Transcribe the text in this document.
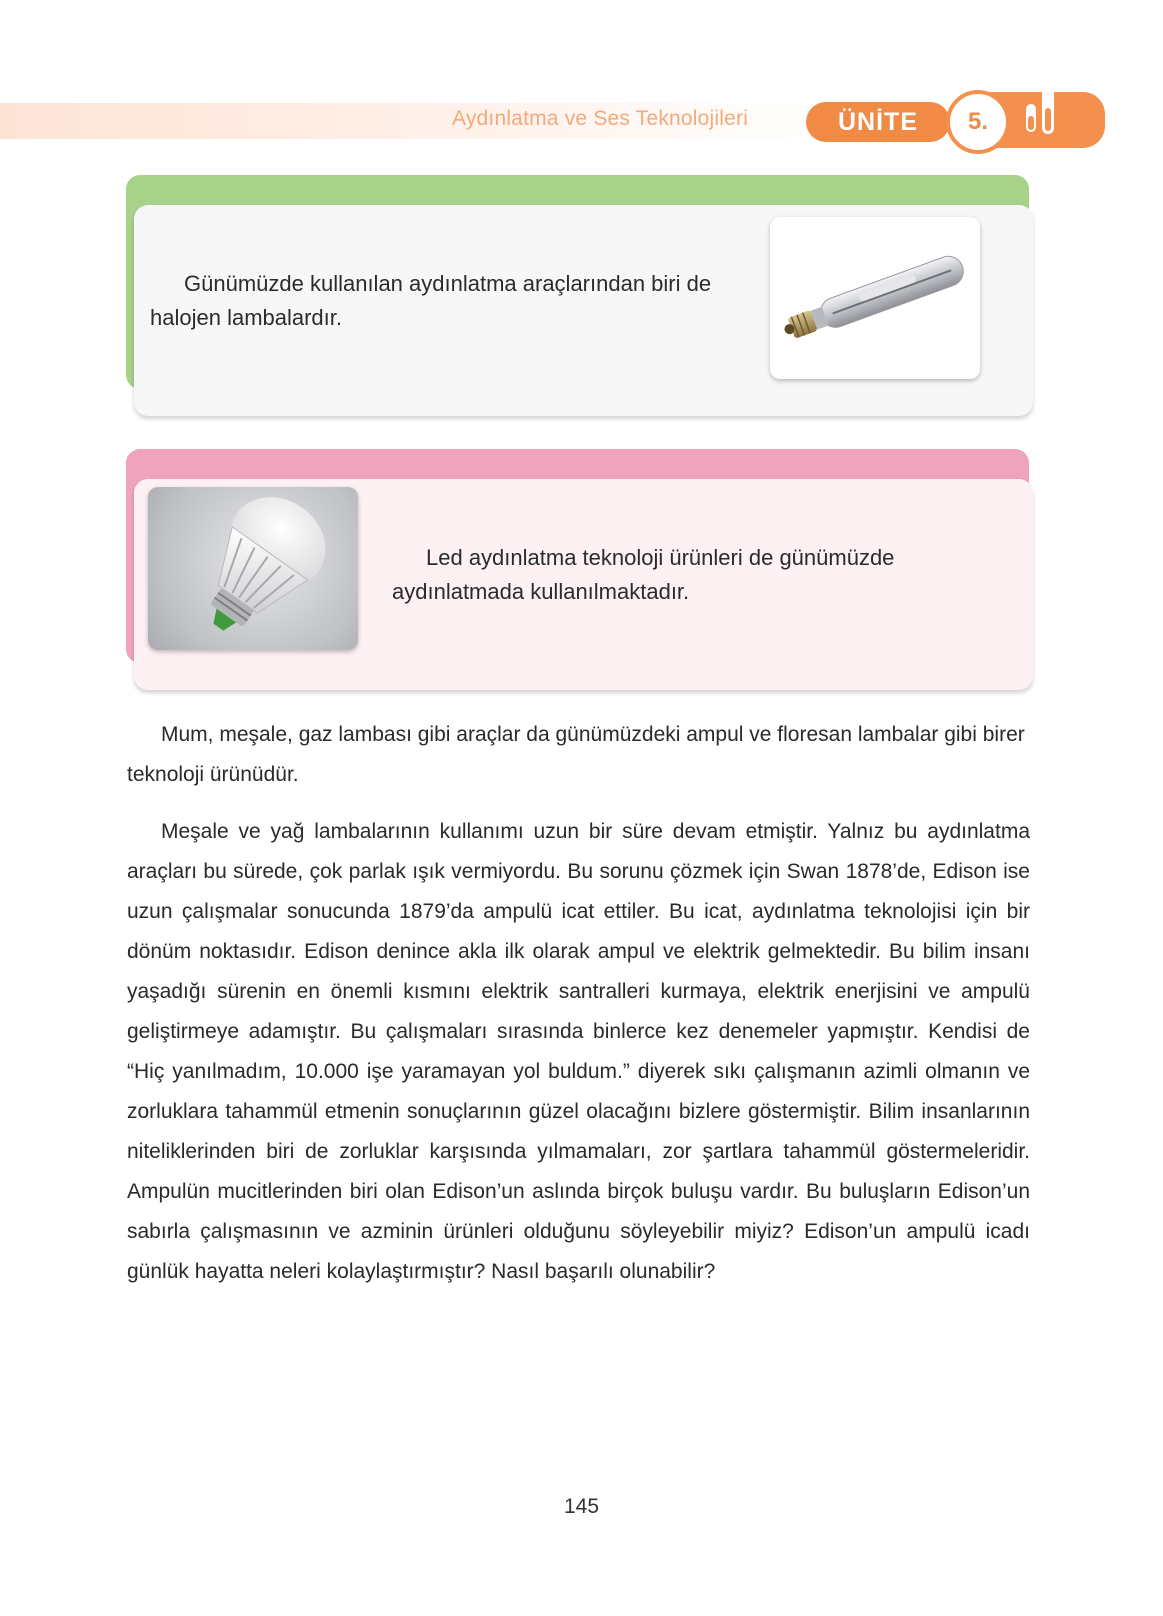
Aydınlatma ve Ses Teknolojileri	ÜNİTE	5.
Günümüzde kullanılan aydınlatma araçlarından biri de halojen lambalardır.
Led aydınlatma teknoloji ürünleri de günümüzde aydınlatmada kullanılmaktadır.
Mum, meşale, gaz lambası gibi araçlar da günümüzdeki ampul ve floresan lambalar gibi birer teknoloji ürünüdür.
Meşale ve yağ lambalarının kullanımı uzun bir süre devam etmiştir. Yalnız bu aydınlatma araçları bu sürede, çok parlak ışık vermiyordu. Bu sorunu çözmek için Swan 1878’de, Edison ise uzun çalışmalar sonucunda 1879’da ampulü icat ettiler. Bu icat, aydınlatma teknolojisi için bir dönüm noktasıdır. Edison denince akla ilk olarak ampul ve elektrik gelmektedir. Bu bilim insanı yaşadığı sürenin en önemli kısmını elektrik santralleri kurmaya, elektrik enerjisini ve ampulü geliştirmeye adamıştır. Bu çalışmaları sırasında binlerce kez denemeler yapmıştır. Kendisi de “Hiç yanılmadım, 10.000 işe yaramayan yol buldum.” diyerek sıkı çalışmanın azimli olmanın ve zorluklara tahammül etmenin sonuçlarının güzel olacağını bizlere göstermiştir. Bilim insanlarının niteliklerinden biri de zorluklar karşısında yılmamaları, zor şartlara tahammül göstermeleridir. Ampulün mucitlerinden biri olan Edison’un aslında birçok buluşu vardır. Bu buluşların Edison’un sabırla çalışmasının ve azminin ürünleri olduğunu söyleyebilir miyiz? Edison’un ampulü icadı günlük hayatta neleri kolaylaştırmıştır? Nasıl başarılı olunabilir?
145
